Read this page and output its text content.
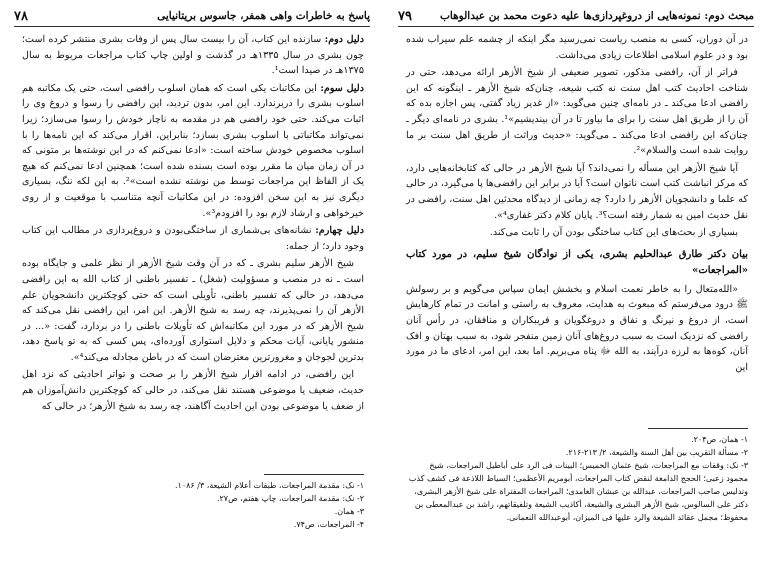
پاسخ به خاطرات واهی همفر، جاسوس بریتانیایی
۷۸

دلیل دوم: سازنده این کتاب، آن را بیست سال پس از وفات بشری منتشر کرده است؛ چون بشری در سال ۱۳۳۵هـ در گذشت و اولین چاپ کتاب مراجعات مربوط به سال ۱۳۷۵هـ در صیدا است¹.

دلیل سوم: این مکاتبات یکی است که همان اسلوب رافضی است، حتی یک مکاتبه هم اسلوب بشری را دربرندارد. این امر، بدون تردید، این رافضی را رسوا و دروغ وی را اثبات می‌کند. حتی خود رافضی هم در مقدمه به ناچار خودش را رسوا می‌سازد؛ زیرا نمی‌تواند مکاتباتی با اسلوب بشری بسازد؛ بنابراین، اقرار می‌کند که این نامه‌ها را با اسلوب مخصوص خودش ساخته است: «ادعا نمی‌کنم که در این نوشته‌ها بر متونی که در آن زمان میان ما مقرر بوده است بسنده شده است؛ همچنین ادعا نمی‌کنم که هیچ یک از الفاظ این مراجعات توسط من نوشته نشده است»². به این لکه ننگ، بسیاری دیگری نیز به این سخن افزوده: در این مکاتبات آنچه متناسب با موقعیت و از روی خیرخواهی و ارشاد لازم بود را افزودم³».

دلیل چهارم: نشانه‌های بی‌شماری از ساختگی‌بودن و دروغ‌پردازی در مطالب این کتاب وجود دارد؛ از جمله:

شیخ الأزهر سلیم بشری ـ که در آن وقت شیخ الأزهر از نظر علمی و جایگاه بوده است ـ نه در منصب و مسؤولیت (شغل) ـ تفسیر باطنی از کتاب الله به این رافضی می‌دهد، در حالی که تفسیر باطنی، تأویلی است که حتی کوچکترین دانشجویان علم الأزهر آن را نمی‌پذیرند، چه رسد به شیخ الأزهر. این امر، این رافضی نقل می‌کند که شیخ الأزهر که در مورد این مکاتبه‌اش که تأویلات باطنی را در بردارد، گفت: «... در منشور پایانی، آیات محکم و دلایل استواری آورده‌ای، پس کسی که به تو پاسخ دهد، بدترین لجوجان و مغرورترین معترضان است که در باطن مجادله می‌کند⁴».

این رافضی، در ادامه اقرار شیخ الأزهر را بر صحت و تواتر احادیثی که نزد اهل حدیث، ضعیف یا موضوعی هستند نقل می‌کند، در حالی که کوچکترین دانش‌آموزان هم از ضعف یا موضوعی بودن این احادیث آگاهند، چه رسد به شیخ الأزهر؛ در حالی که

۱- نک: مقدمة المراجعات، طبقات أعلام الشیعة، ۳/ ۱۰۸۶.
۲- نک: مقدمة المراجعات، چاپ هفتم، ص۲۷.
۳- همان.
۴- المراجعات، ص۷۴.
مبحث دوم: نمونه‌هایی از دروغپردازی‌ها علیه دعوت محمد بن عبدالوهاب
۷۹

در آن دوران، کسی به منصب ریاست نمی‌رسید مگر اینکه از چشمه علم سیراب شده بود و در علوم اسلامی اطلاعات زیادی می‌داشت.

فراتر از آن، رافضی مذکور، تصویر ضعیفی از شیخ الأزهر ارائه می‌دهد، حتی در شناخت احادیث کتب اهل سنت نه کتب شیعه، چنان‌که شیخ الأزهر ـ اینگونه که این رافضی ادعا می‌کند ـ در نامه‌ای چنین می‌گوید: «از غدیر زیاد گفتی، پس اجازه بده که آن را از طریق اهل سنت را برای ما بیاور تا در آن بیندیشیم»¹. بشری در نامه‌ای دیگر ـ چنان‌که این رافضی ادعا می‌کند ـ می‌گوید: «حدیث وراثت از طریق اهل سنت بر ما روایت شده است والسلام»².

آیا شیخ الأزهر این مسأله را نمی‌داند؟ آیا شیخ الأزهر در حالی که کتابخانه‌هایی دارد، که مرکز انباشت کتب است ناتوان است؟ آیا در برابر این رافضی‌ها پا می‌گیرد، در حالی که علما و دانشجویان الأزهر را دارد؟ چه زمانی از دیدگاه محدثین اهل سنت، رافضی در نقل حدیث امین به شمار رفته است؟³. پایان کلام دکتر غفاری⁴».

بسیاری از بحث‌های این کتاب ساختگی بودن آن را ثابت می‌کند.

بیان دکتر طارق عبدالحلیم بشری، یکی از نوادگان شیخ سلیم، در مورد کتاب «المراجعات»

«الله‌متعال را به خاطر نعمت اسلام و بخشش ایمان سپاس می‌گویم و بر رسولش ﷺ درود می‌فرستم که مبعوث به هدایت، معروف به راستی و امانت در تمام کارهایش است، از دروغ و نیرنگ و نفاق و دروغگویان و فریبکاران و منافقان، در رأس آنان رافضی که نزدیک است به سبب دروغ‌های آنان زمین منفجر شود، به سبب بهتان و افک آنان، کوه‌ها به لرزه درآیند، به الله ﷻ پناه می‌بریم. اما بعد، این امر، ادعای ما در مورد این

۱- همان، ص۲۰۴.
۲- مسألة التقریب بین أهل السنة والشیعة، ۲/ ۲۱۳-۲۱۶.
۳- نک: وقفات مع المراجعات، شیخ عثمان الخمیس؛ البینات فی الرد علی أباطیل المراجعات، شیخ محمود زعبی؛ الحجج الدامغة لنقض کتاب المراجعات، أبومریم الأعظمی؛ السیاط اللاذعة فی کشف کذب وتدلیس صاحب المراجعات، عبدالله بن عبشان الغامدی؛ المراجعات المفتراة علی شیخ الأزهر البشری، دکتر علی السالوس، شیخ الأزهر البشری والشیعة، أکاذیب الشیعة وتلفیقاتهم، راشد بن عبدالمعطی بن محفوظ؛ مجمل عقائد الشیعة والرد علیها فی المیزان، أبوعبدالله النعمانی.
